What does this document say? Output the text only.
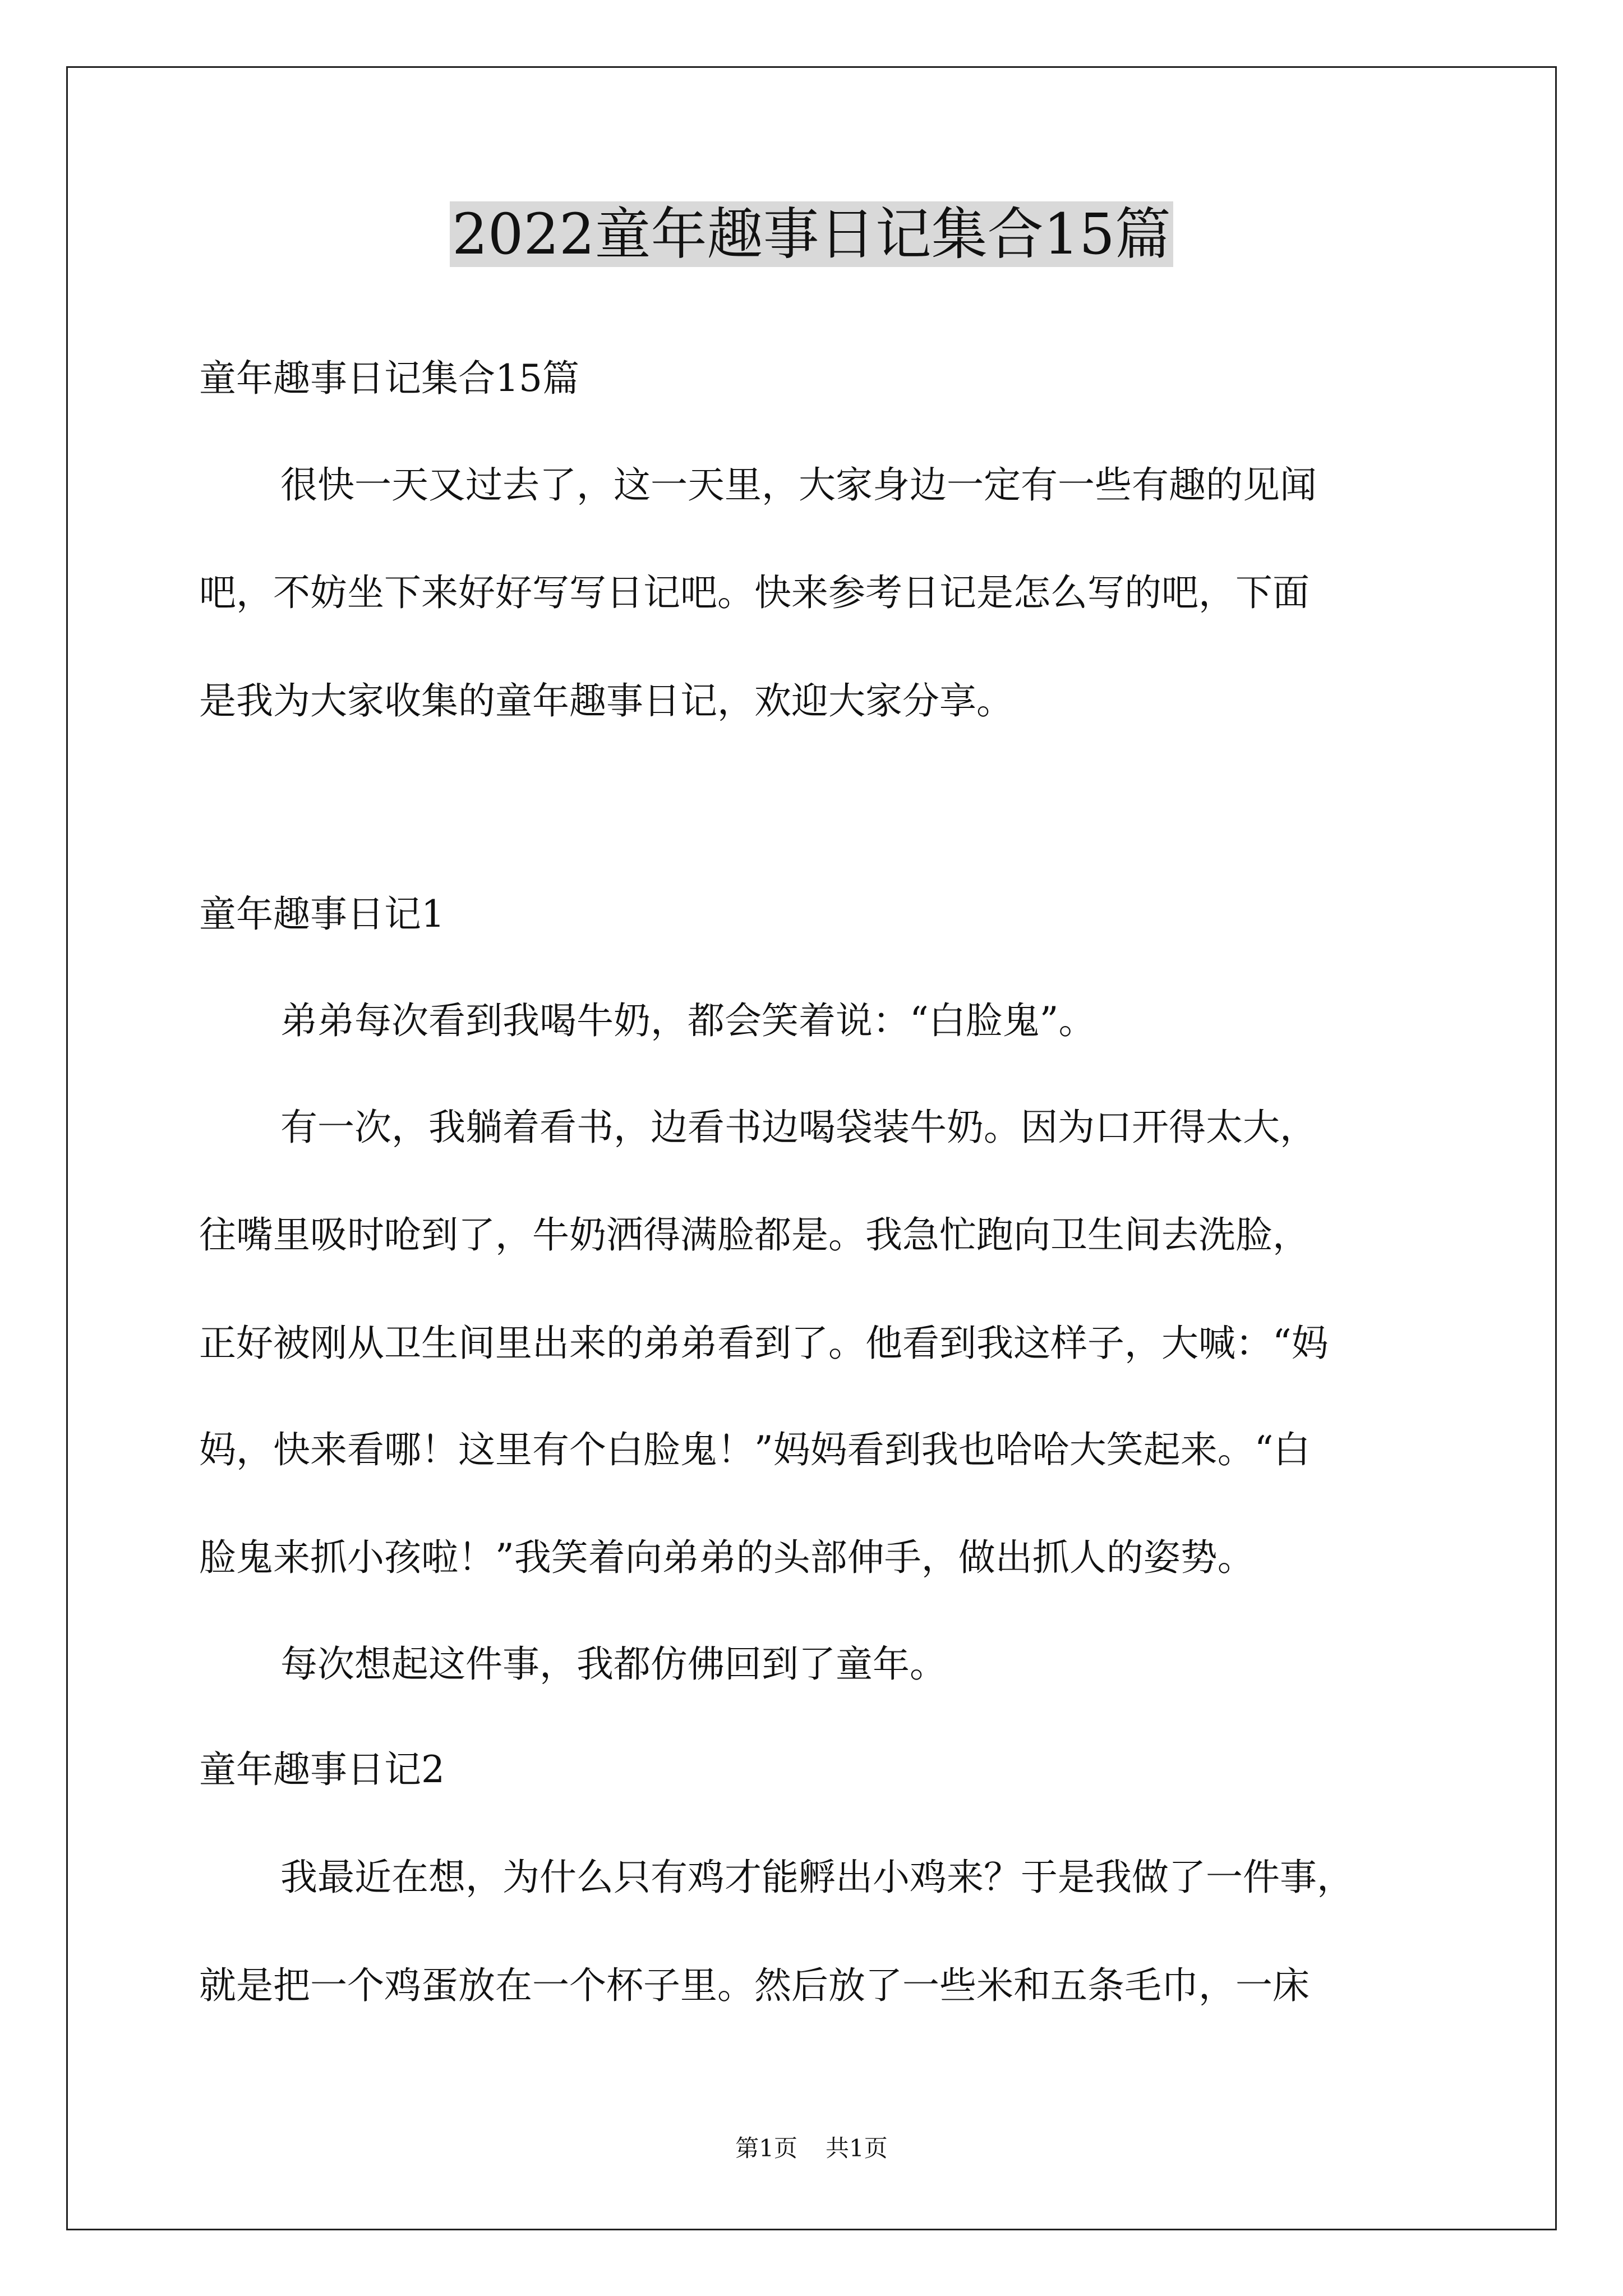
2022童年趣事日记集合15篇
童年趣事日记集合15篇
很快一天又过去了，这一天里，大家身边一定有一些有趣的见闻
吧，不妨坐下来好好写写日记吧。快来参考日记是怎么写的吧，下面
是我为大家收集的童年趣事日记，欢迎大家分享。
童年趣事日记1
弟弟每次看到我喝牛奶，都会笑着说：“白脸鬼”。
有一次，我躺着看书，边看书边喝袋装牛奶。因为口开得太大，
往嘴里吸时呛到了，牛奶洒得满脸都是。我急忙跑向卫生间去洗脸，
正好被刚从卫生间里出来的弟弟看到了。他看到我这样子，大喊：“妈
妈，快来看哪！这里有个白脸鬼！”妈妈看到我也哈哈大笑起来。“白
脸鬼来抓小孩啦！”我笑着向弟弟的头部伸手，做出抓人的姿势。
每次想起这件事，我都仿佛回到了童年。
童年趣事日记2
我最近在想，为什么只有鸡才能孵出小鸡来？于是我做了一件事，
就是把一个鸡蛋放在一个杯子里。然后放了一些米和五条毛巾，一床
第1页 共1页
